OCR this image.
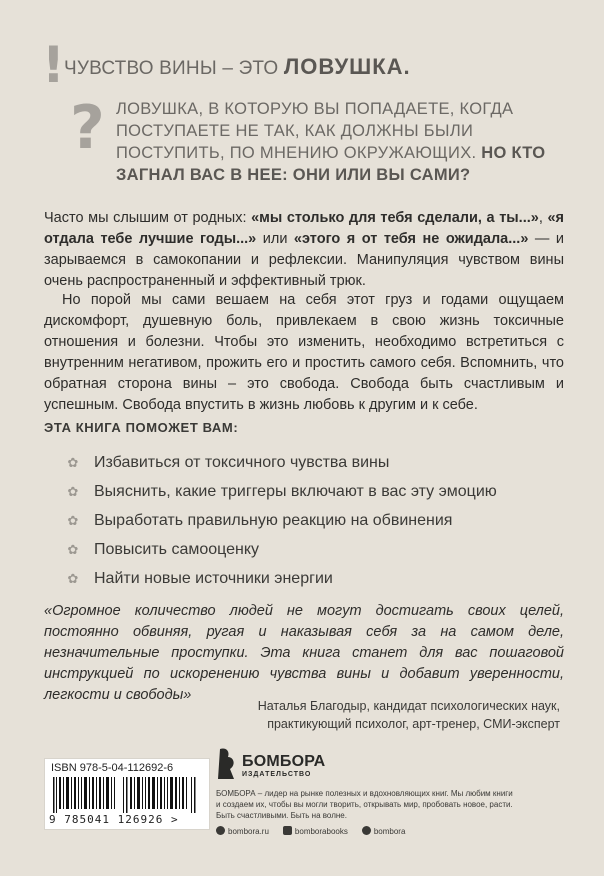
!
?
ЧУВСТВО ВИНЫ – ЭТО ЛОВУШКА.
ЛОВУШКА, В КОТОРУЮ ВЫ ПОПАДАЕТЕ, КОГДА ПОСТУПАЕТЕ НЕ ТАК, КАК ДОЛЖНЫ БЫЛИ ПОСТУПИТЬ, ПО МНЕНИЮ ОКРУЖАЮЩИХ. НО КТО ЗАГНАЛ ВАС В НЕЕ: ОНИ ИЛИ ВЫ САМИ?
Часто мы слышим от родных: «мы столько для тебя сделали, а ты...», «я отдала тебе лучшие годы...» или «этого я от тебя не ожидала...» — и зарываемся в самокопании и рефлексии. Манипуляция чувством вины очень распространенный и эффективный трюк.
Но порой мы сами вешаем на себя этот груз и годами ощущаем дискомфорт, душевную боль, привлекаем в свою жизнь токсичные отношения и болезни. Чтобы это изменить, необходимо встретиться с внутренним негативом, прожить его и простить самого себя. Вспомнить, что обратная сторона вины – это свобода. Свобода быть счастливым и успешным. Свобода впустить в жизнь любовь к другим и к себе.
ЭТА КНИГА ПОМОЖЕТ ВАМ:
✿ Избавиться от токсичного чувства вины
✿ Выяснить, какие триггеры включают в вас эту эмоцию
✿ Выработать правильную реакцию на обвинения
✿ Повысить самооценку
✿ Найти новые источники энергии
«Огромное количество людей не могут достигать своих целей, постоянно обвиняя, ругая и наказывая себя за на самом деле, незначительные проступки. Эта книга станет для вас пошаговой инструкцией по искоренению чувства вины и добавит уверенности, легкости и свободы»
Наталья Благодыр, кандидат психологических наук,
практикующий психолог, арт-тренер, СМИ-эксперт
ISBN 978-5-04-112692-6
9 785041 126926 >
БОМБОРА
ИЗДАТЕЛЬСТВО
БОМБОРА – лидер на рынке полезных и вдохновляющих книг. Мы любим книги и создаем их, чтобы вы могли творить, открывать мир, пробовать новое, расти. Быть счастливыми. Быть на волне.
bombora.ru	bomborabooks	bombora
